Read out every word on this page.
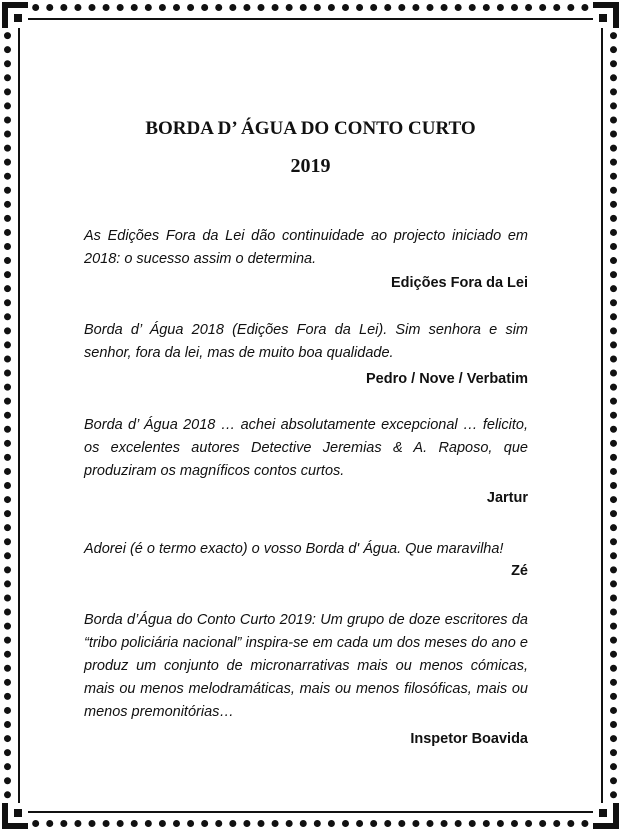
BORDA D’ ÁGUA DO CONTO CURTO
2019

As Edições Fora da Lei dão continuidade ao projecto iniciado em 2018: o sucesso assim o determina.

Edições Fora da Lei

Borda d’ Água 2018 (Edições Fora da Lei). Sim senhora e sim senhor, fora da lei, mas de muito boa qualidade.

Pedro / Nove / Verbatim

Borda d’ Água 2018 … achei absolutamente excepcional … felicito, os excelentes autores Detective Jeremias & A. Raposo, que produziram os magníficos contos curtos.

Jartur

Adorei (é o termo exacto) o vosso Borda d' Água. Que maravilha!

Zé

Borda d’Água do Conto Curto 2019: Um grupo de doze escritores da “tribo policiária nacional” inspira-se em cada um dos meses do ano e produz um conjunto de micronarrativas mais ou menos cómicas, mais ou menos melodramáticas, mais ou menos filosóficas, mais ou menos premonitórias…

Inspetor Boavida
